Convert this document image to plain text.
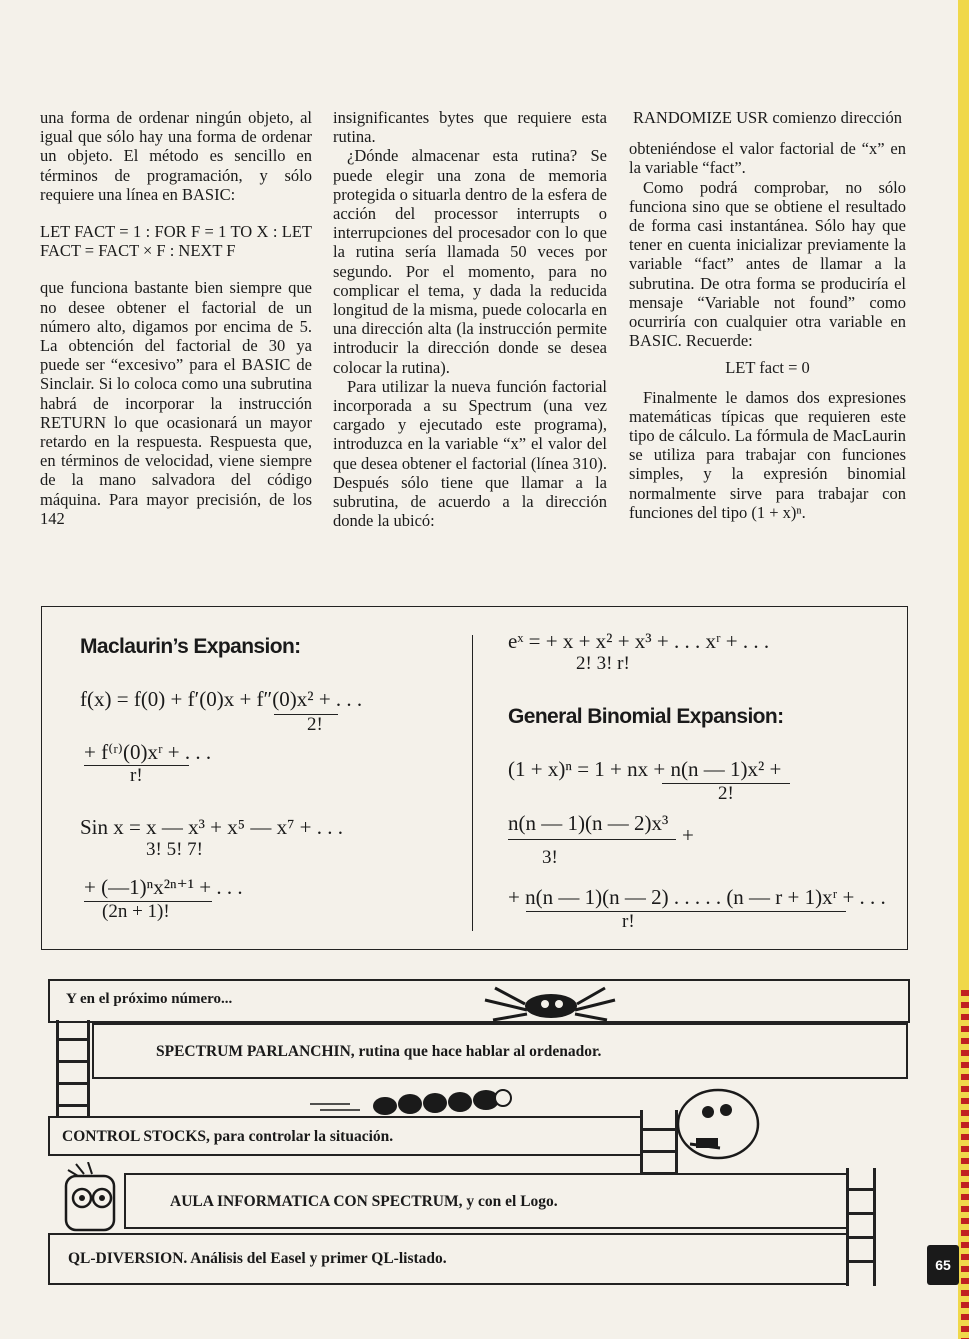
una forma de ordenar ningún objeto, al igual que sólo hay una forma de ordenar un objeto. El método es sencillo en términos de programación, y sólo requiere una línea en BASIC:

LET FACT = 1 : FOR F = 1 TO X : LET FACT = FACT × F : NEXT F

que funciona bastante bien siempre que no desee obtener el factorial de un número alto, digamos por encima de 5. La obtención del factorial de 30 ya puede ser “excesivo” para el BASIC de Sinclair. Si lo coloca como una subrutina habrá de incorporar la instrucción RETURN lo que ocasionará un mayor retardo en la respuesta. Respuesta que, en términos de velocidad, viene siempre de la mano salvadora del código máquina. Para mayor precisión, de los 142

insignificantes bytes que requiere esta rutina.

¿Dónde almacenar esta rutina? Se puede elegir una zona de memoria protegida o situarla dentro de la esfera de acción del processor interrupts o interrupciones del procesador con lo que la rutina sería llamada 50 veces por segundo. Por el momento, para no complicar el tema, y dada la reducida longitud de la misma, puede colocarla en una dirección alta (la instrucción permite introducir la dirección donde se desea colocar la rutina).

Para utilizar la nueva función factorial incorporada a su Spectrum (una vez cargado y ejecutado este programa), introduzca en la variable “x” el valor del que desea obtener el factorial (línea 310). Después sólo tiene que llamar a la subrutina, de acuerdo a la dirección donde la ubicó:

RANDOMIZE USR comienzo dirección

obteniéndose el valor factorial de “x” en la variable “fact”.

Como podrá comprobar, no sólo funciona sino que se obtiene el resultado de forma casi instantánea. Sólo hay que tener en cuenta inicializar previamente la variable “fact” antes de llamar a la subrutina. De otra forma se produciría el mensaje “Variable not found” como ocurriría con cualquier otra variable en BASIC. Recuerde:

LET fact = 0

Finalmente le damos dos expresiones matemáticas típicas que requieren este tipo de cálculo. La fórmula de MacLaurin se utiliza para trabajar con funciones simples, y la expresión binomial normalmente sirve para trabajar con funciones del tipo (1 + x)ⁿ.

Maclaurin’s Expansion:
f(x) = f(0) + f′(0)x + f″(0)x² + . . .
2!
+ f⁽ʳ⁾(0)xʳ + . . .
r!
Sin x = x — x³ + x⁵ — x⁷ + . . .
3! 5! 7!
+ (—1)ⁿx²ⁿ⁺¹ + . . .
(2n + 1)!
eˣ = + x + x² + x³ + . . . xʳ + . . .
2! 3! r!
General Binomial Expansion:
(1 + x)ⁿ = 1 + nx + n(n — 1)x² +
2!
n(n — 1)(n — 2)x³ +
3!
+ n(n — 1)(n — 2) . . . . . (n — r + 1)xʳ + . . .
r!
Y en el próximo número...
SPECTRUM PARLANCHIN, rutina que hace hablar al ordenador.
CONTROL STOCKS, para controlar la situación.
AULA INFORMATICA CON SPECTRUM, y con el Logo.
QL-DIVERSION. Análisis del Easel y primer QL-listado.	65
